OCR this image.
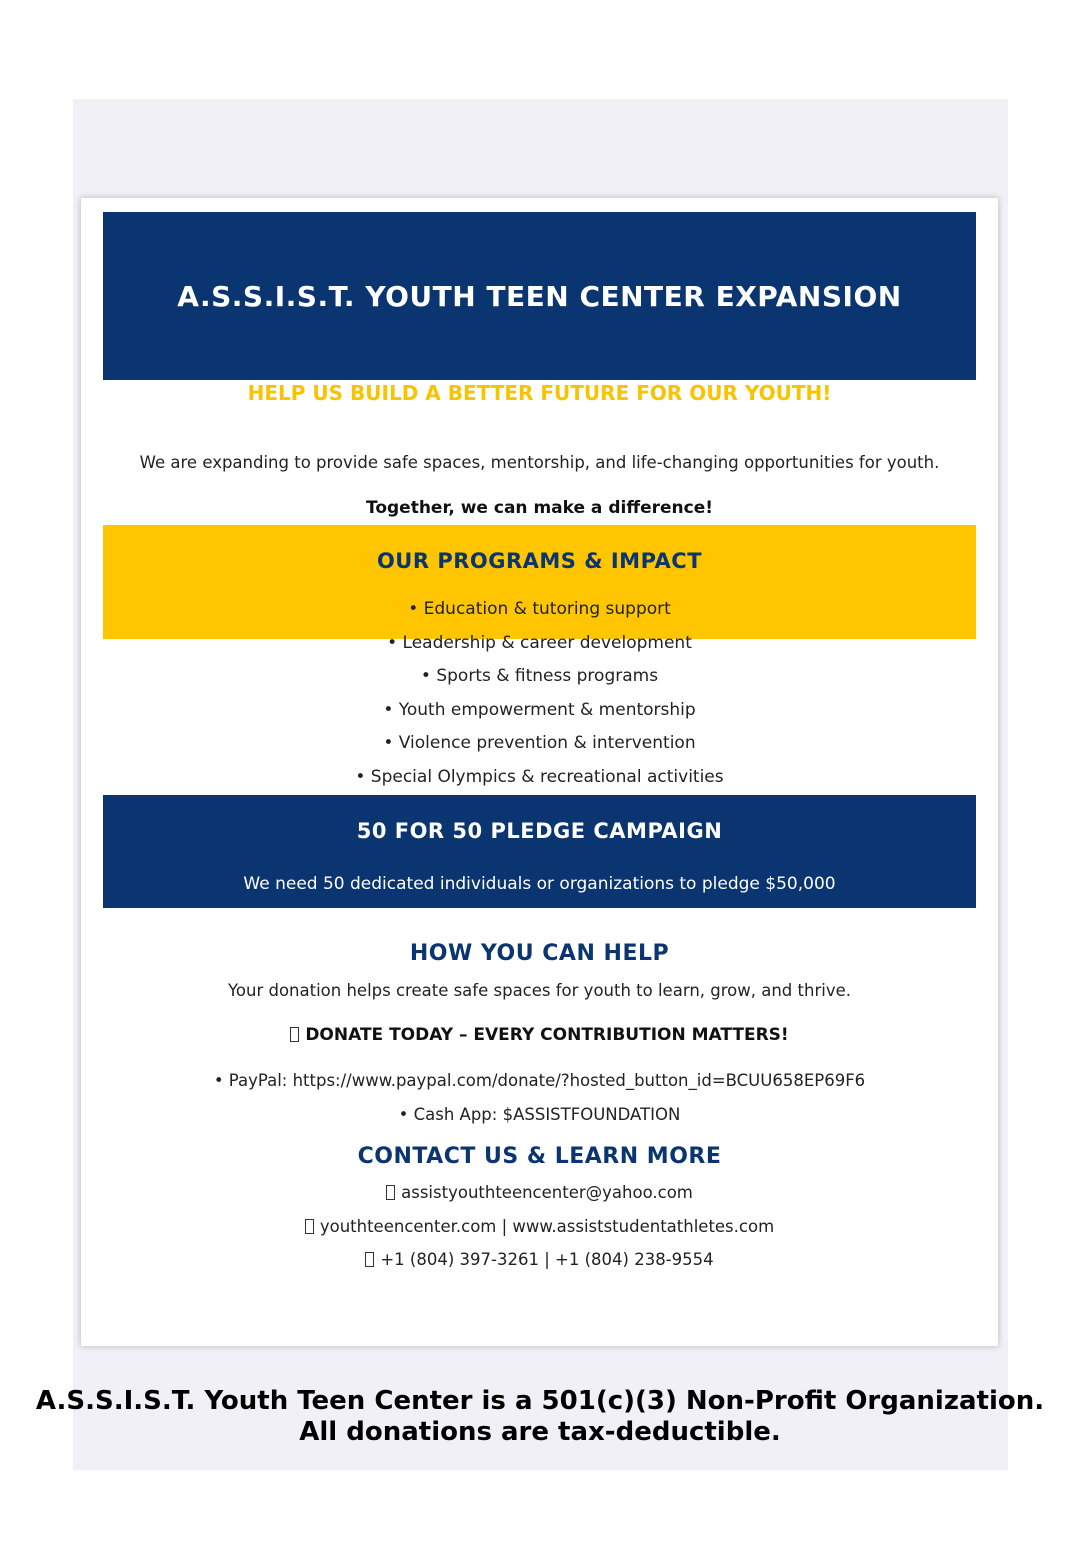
A.S.S.I.S.T. YOUTH TEEN CENTER EXPANSION
HELP US BUILD A BETTER FUTURE FOR OUR YOUTH!
We are expanding to provide safe spaces, mentorship, and life-changing opportunities for youth.
Together, we can make a difference!
OUR PROGRAMS & IMPACT
• Education & tutoring support
• Leadership & career development
• Sports & fitness programs
• Youth empowerment & mentorship
• Violence prevention & intervention
• Special Olympics & recreational activities
50 FOR 50 PLEDGE CAMPAIGN
We need 50 dedicated individuals or organizations to pledge $50,000
HOW YOU CAN HELP
Your donation helps create safe spaces for youth to learn, grow, and thrive.
DONATE TODAY – EVERY CONTRIBUTION MATTERS!
• PayPal: https://www.paypal.com/donate/?hosted_button_id=BCUU658EP69F6
• Cash App: $ASSISTFOUNDATION
CONTACT US & LEARN MORE
assistyouthteencenter@yahoo.com
youthteencenter.com | www.assiststudentathletes.com
+1 (804) 397-3261 | +1 (804) 238-9554
A.S.S.I.S.T. Youth Teen Center is a 501(c)(3) Non-Profit Organization.
All donations are tax-deductible.
